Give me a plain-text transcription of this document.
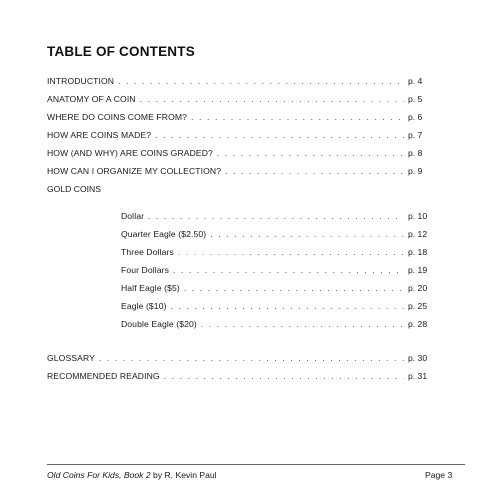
TABLE OF CONTENTS
INTRODUCTION . . .	p. 4
ANATOMY OF A COIN . . .	p. 5
WHERE DO COINS COME FROM? . . .	p. 6
HOW ARE COINS MADE? . . .	p. 7
HOW (AND WHY) ARE COINS GRADED? . . .	p. 8
HOW CAN I ORGANIZE MY COLLECTION? . . .	p. 9
GOLD COINS
Dollar . . .	p. 10
Quarter Eagle ($2.50) . . .	p. 12
Three Dollars . . .	p. 18
Four Dollars . . .	p. 19
Half Eagle ($5) . . .	p. 20
Eagle ($10) . . .	p. 25
Double Eagle ($20) . . .	p. 28
GLOSSARY . . .	p. 30
RECOMMENDED READING . . .	p. 31
Old Coins For Kids, Book 2 by R. Kevin Paul	Page 3
